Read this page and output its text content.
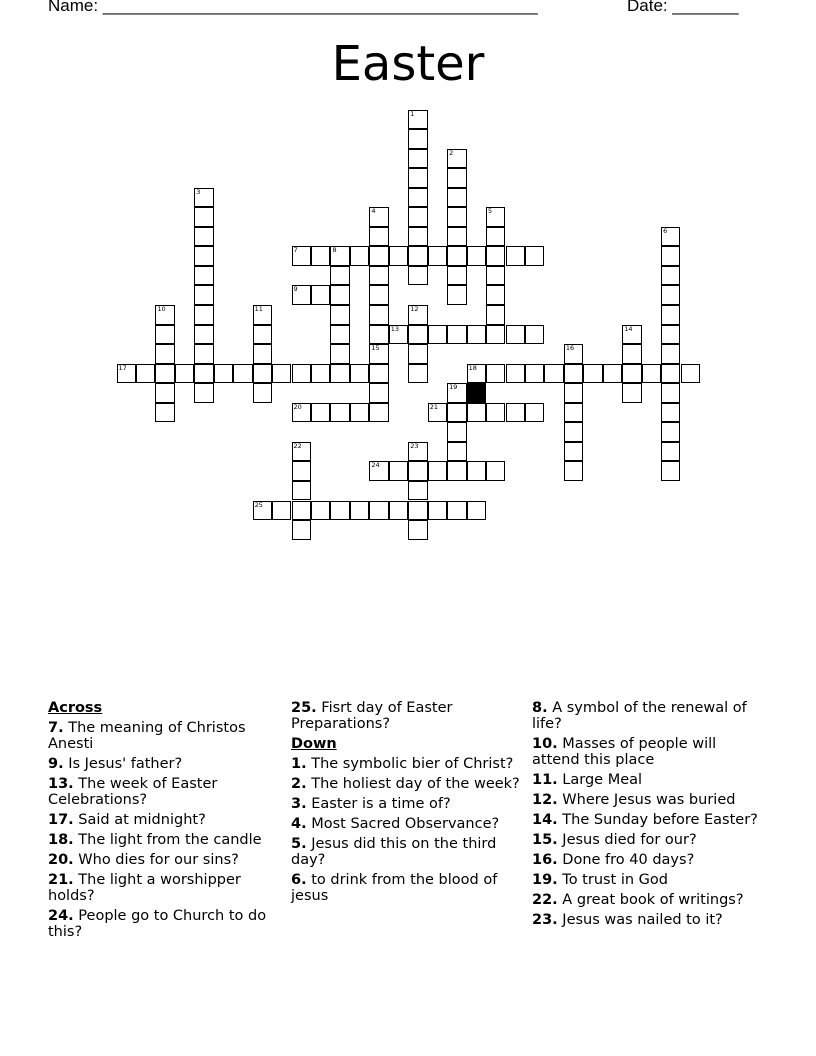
Name: ______________________________________________	Date: _______
Easter
1
2
3
4	5
6
7	8
9
10	11	12
13	14
15	16
17	18
19
20	21
22	23
24
25
Across
7. The meaning of Christos Anesti
9. Is Jesus' father?
13. The week of Easter Celebrations?
17. Said at midnight?
18. The light from the candle
20. Who dies for our sins?
21. The light a worshipper holds?
24. People go to Church to do this?
25. Fisrt day of Easter Preparations?
Down
1. The symbolic bier of Christ?
2. The holiest day of the week?
3. Easter is a time of?
4. Most Sacred Observance?
5. Jesus did this on the third day?
6. to drink from the blood of jesus
8. A symbol of the renewal of life?
10. Masses of people will attend this place
11. Large Meal
12. Where Jesus was buried
14. The Sunday before Easter?
15. Jesus died for our?
16. Done fro 40 days?
19. To trust in God
22. A great book of writings?
23. Jesus was nailed to it?
